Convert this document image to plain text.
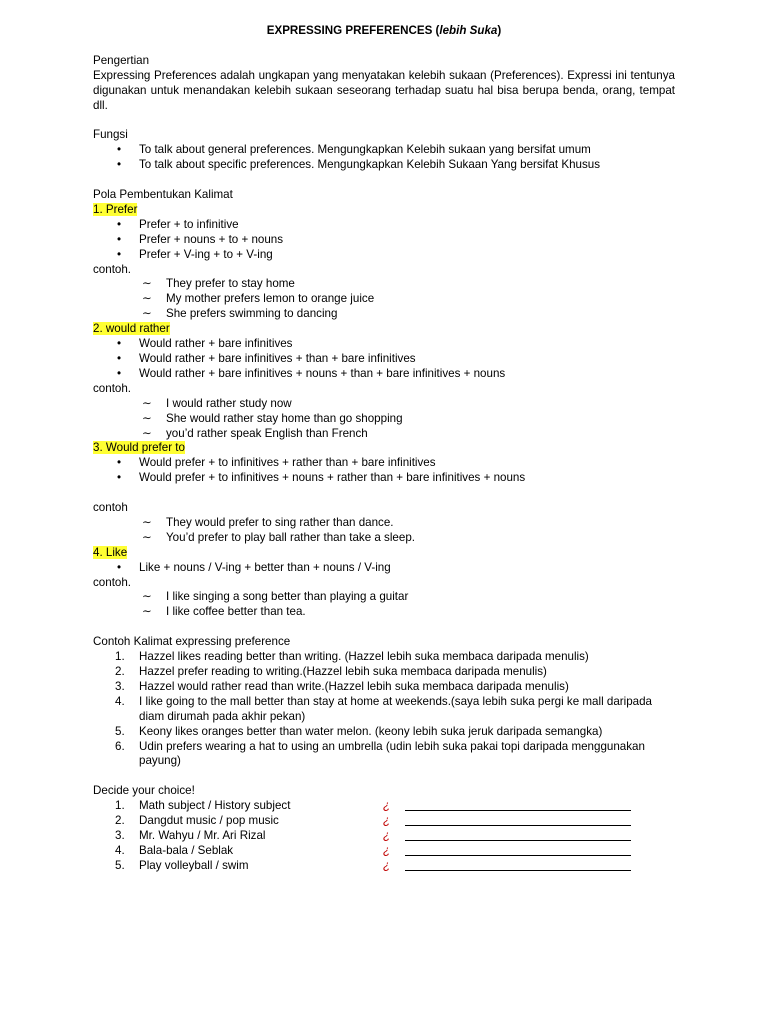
EXPRESSING PREFERENCES (lebih Suka)

Pengertian

Expressing Preferences adalah ungkapan yang menyatakan kelebih sukaan (Preferences). Expressi ini tentunya digunakan untuk menandakan kelebih sukaan seseorang terhadap suatu hal bisa berupa benda, orang, tempat dll.

Fungsi

• To talk about general preferences. Mengungkapkan Kelebih sukaan yang bersifat umum
• To talk about specific preferences. Mengungkapkan Kelebih Sukaan Yang bersifat Khusus

Pola Pembentukan Kalimat

1. Prefer

• Prefer + to infinitive
• Prefer + nouns + to + nouns
• Prefer + V-ing + to + V-ing

contoh.

∼ They prefer to stay home
∼ My mother prefers lemon to orange juice
∼ She prefers swimming to dancing

2. would rather

• Would rather + bare infinitives
• Would rather + bare infinitives + than + bare infinitives
• Would rather + bare infinitives + nouns + than + bare infinitives + nouns

contoh.

∼ I would rather study now
∼ She would rather stay home than go shopping
∼ you’d rather speak English than French

3. Would prefer to

• Would prefer + to infinitives + rather than + bare infinitives
• Would prefer + to infinitives + nouns + rather than + bare infinitives + nouns

contoh

∼ They would prefer to sing rather than dance.
∼ You’d prefer to play ball rather than take a sleep.

4. Like

• Like + nouns / V-ing + better than + nouns / V-ing

contoh.

∼ I like singing a song better than playing a guitar
∼ I like coffee better than tea.

Contoh Kalimat expressing preference

1. Hazzel likes reading better than writing. (Hazzel lebih suka membaca daripada menulis)
2. Hazzel prefer reading to writing.(Hazzel lebih suka membaca daripada menulis)
3. Hazzel would rather read than write.(Hazzel lebih suka membaca daripada menulis)
4. I like going to the mall better than stay at home at weekends.(saya lebih suka pergi ke mall daripada diam dirumah pada akhir pekan)
5. Keony likes oranges better than water melon. (keony lebih suka jeruk daripada semangka)
6. Udin prefers wearing a hat to using an umbrella (udin lebih suka pakai topi daripada menggunakan payung)

Decide your choice!

1. Math subject / History subject	¿
2. Dangdut music / pop music	¿
3. Mr. Wahyu / Mr. Ari Rizal	¿
4. Bala-bala / Seblak	¿
5. Play volleyball / swim	¿
